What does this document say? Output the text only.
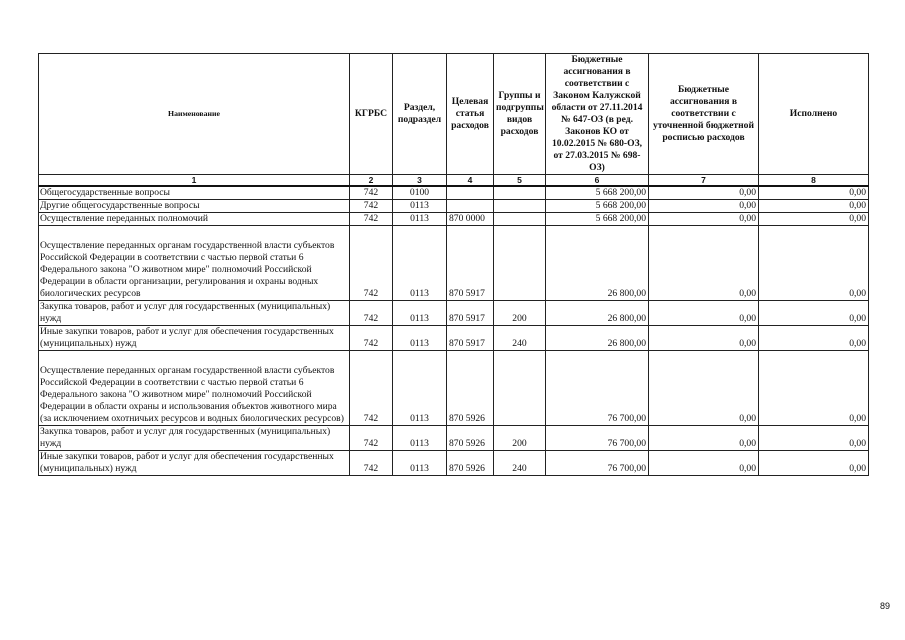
Наименование	КГРБС	Раздел, подраздел	Целевая статья расходов	Группы и подгруппы видов расходов	Бюджетные ассигнования в соответствии с Законом Калужской области от 27.11.2014 № 647-ОЗ (в ред. Законов КО от 10.02.2015 № 680-ОЗ, от 27.03.2015 № 698-ОЗ)	Бюджетные ассигнования в соответствии с уточненной бюджетной росписью расходов	Исполнено
1	2	3	4	5	6	7	8
Общегосударственные вопросы	742	0100			5 668 200,00	0,00	0,00
Другие общегосударственные вопросы	742	0113			5 668 200,00	0,00	0,00
Осуществление переданных полномочий	742	0113	870 0000		5 668 200,00	0,00	0,00
Осуществление переданных органам государственной власти субъектов Российской Федерации в соответствии с частью первой статьи 6 Федерального закона "О животном мире" полномочий Российской Федерации в области организации, регулирования и охраны водных биологических ресурсов	742	0113	870 5917		26 800,00	0,00	0,00
Закупка товаров, работ и услуг для государственных (муниципальных) нужд	742	0113	870 5917	200	26 800,00	0,00	0,00
Иные закупки товаров, работ и услуг для обеспечения государственных (муниципальных) нужд	742	0113	870 5917	240	26 800,00	0,00	0,00
Осуществление переданных органам государственной власти субъектов Российской Федерации в соответствии с частью первой статьи 6 Федерального закона "О животном мире" полномочий Российской Федерации в области охраны и использования объектов животного мира (за исключением охотничьих ресурсов и водных биологических ресурсов)	742	0113	870 5926		76 700,00	0,00	0,00
Закупка товаров, работ и услуг для государственных (муниципальных) нужд	742	0113	870 5926	200	76 700,00	0,00	0,00
Иные закупки товаров, работ и услуг для обеспечения государственных (муниципальных) нужд	742	0113	870 5926	240	76 700,00	0,00	0,00
89
